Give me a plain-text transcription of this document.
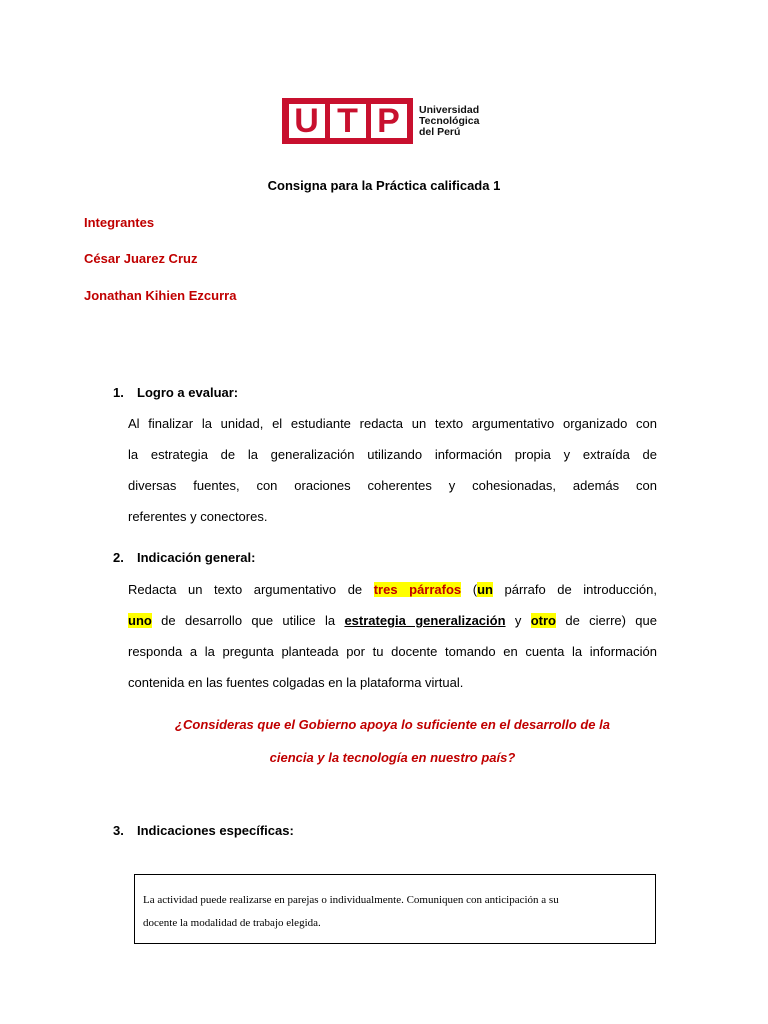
U T P	Universidad
Tecnológica
del Perú
Consigna para la Práctica calificada 1
Integrantes
César Juarez Cruz
Jonathan Kihien Ezcurra
1. Logro a evaluar:
Al finalizar la unidad, el estudiante redacta un texto argumentativo organizado con
la estrategia de la generalización utilizando información propia y extraída de
diversas fuentes, con oraciones coherentes y cohesionadas, además con
referentes y conectores.
2. Indicación general:
Redacta un texto argumentativo de tres párrafos (un párrafo de introducción,
uno de desarrollo que utilice la estrategia generalización y otro de cierre) que
responda a la pregunta planteada por tu docente tomando en cuenta la información
contenida en las fuentes colgadas en la plataforma virtual.
¿Consideras que el Gobierno apoya lo suficiente en el desarrollo de la
ciencia y la tecnología en nuestro país?
3. Indicaciones específicas:
La actividad puede realizarse en parejas o individualmente. Comuniquen con anticipación a su
docente la modalidad de trabajo elegida.
